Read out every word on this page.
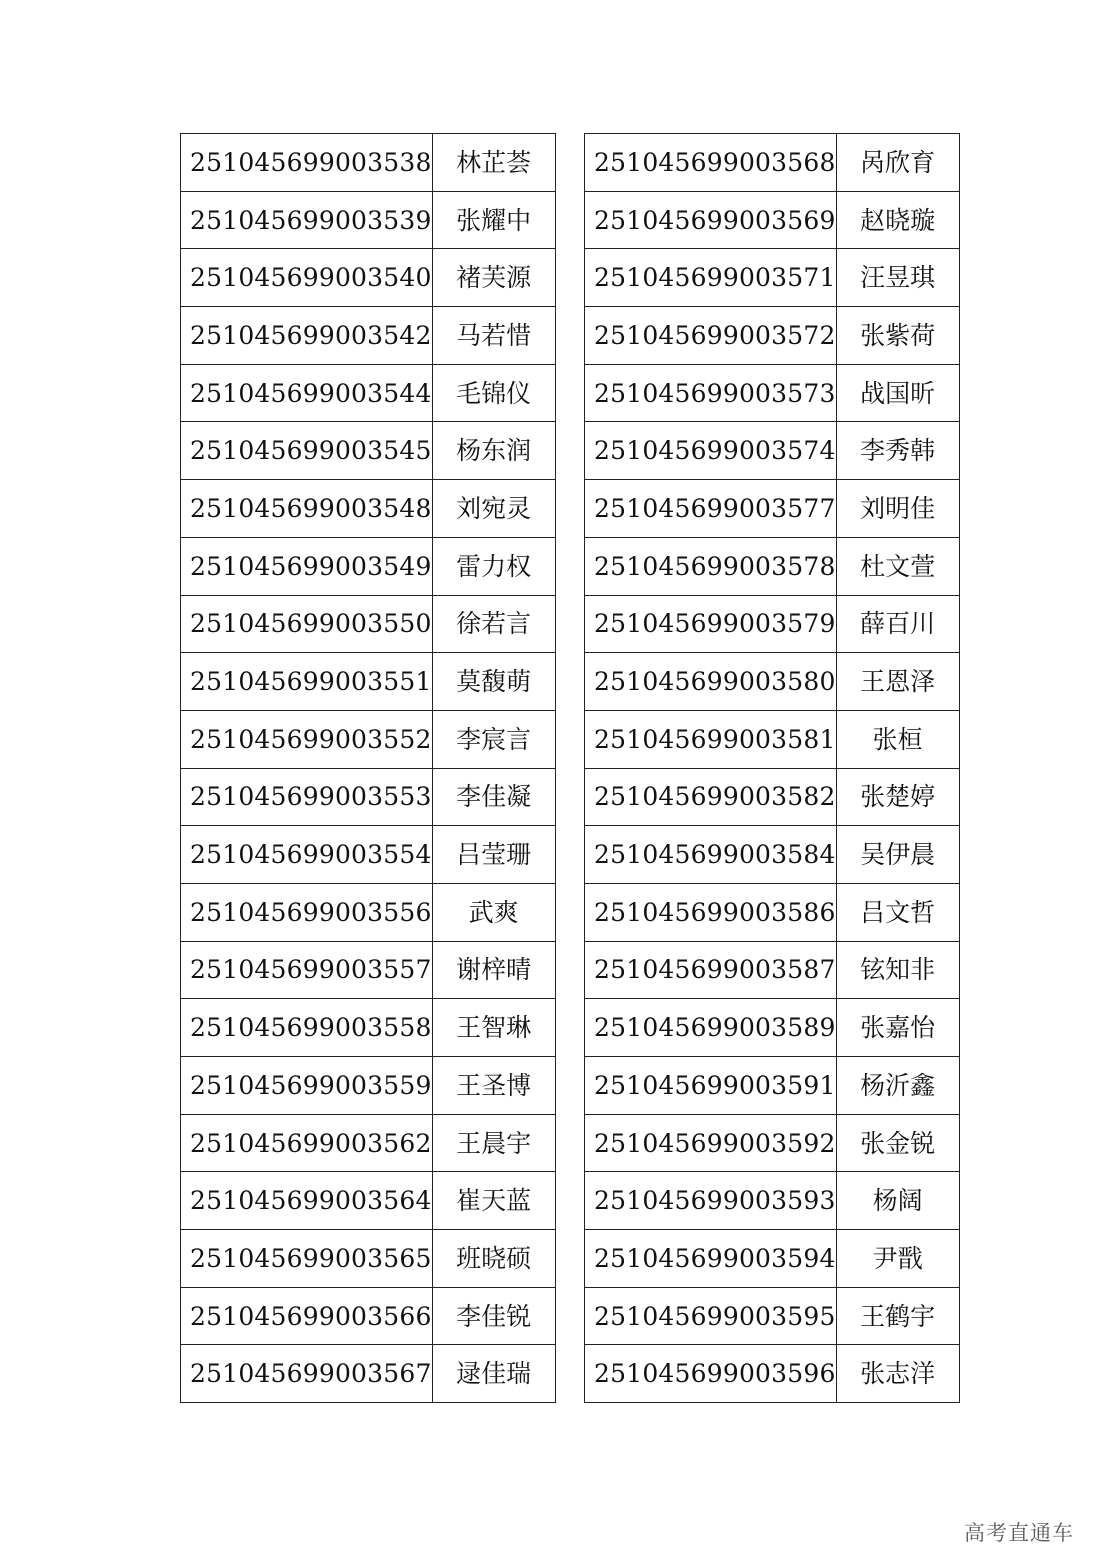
251045699003538	林芷荟
251045699003539	张耀中
251045699003540	褚芙源
251045699003542	马若惜
251045699003544	毛锦仪
251045699003545	杨东润
251045699003548	刘宛灵
251045699003549	雷力权
251045699003550	徐若言
251045699003551	莫馥萌
251045699003552	李宸言
251045699003553	李佳凝
251045699003554	吕莹珊
251045699003556	武爽
251045699003557	谢梓晴
251045699003558	王智琳
251045699003559	王圣博
251045699003562	王晨宇
251045699003564	崔天蓝
251045699003565	班晓硕
251045699003566	李佳锐
251045699003567	逯佳瑞
251045699003568	呙欣育
251045699003569	赵晓璇
251045699003571	汪昱琪
251045699003572	张紫荷
251045699003573	战国昕
251045699003574	李秀韩
251045699003577	刘明佳
251045699003578	杜文萱
251045699003579	薛百川
251045699003580	王恩泽
251045699003581	张桓
251045699003582	张楚婷
251045699003584	吴伊晨
251045699003586	吕文哲
251045699003587	铉知非
251045699003589	张嘉怡
251045699003591	杨沂鑫
251045699003592	张金锐
251045699003593	杨阔
251045699003594	尹戬
251045699003595	王鹤宇
251045699003596	张志洋
高考直通车
